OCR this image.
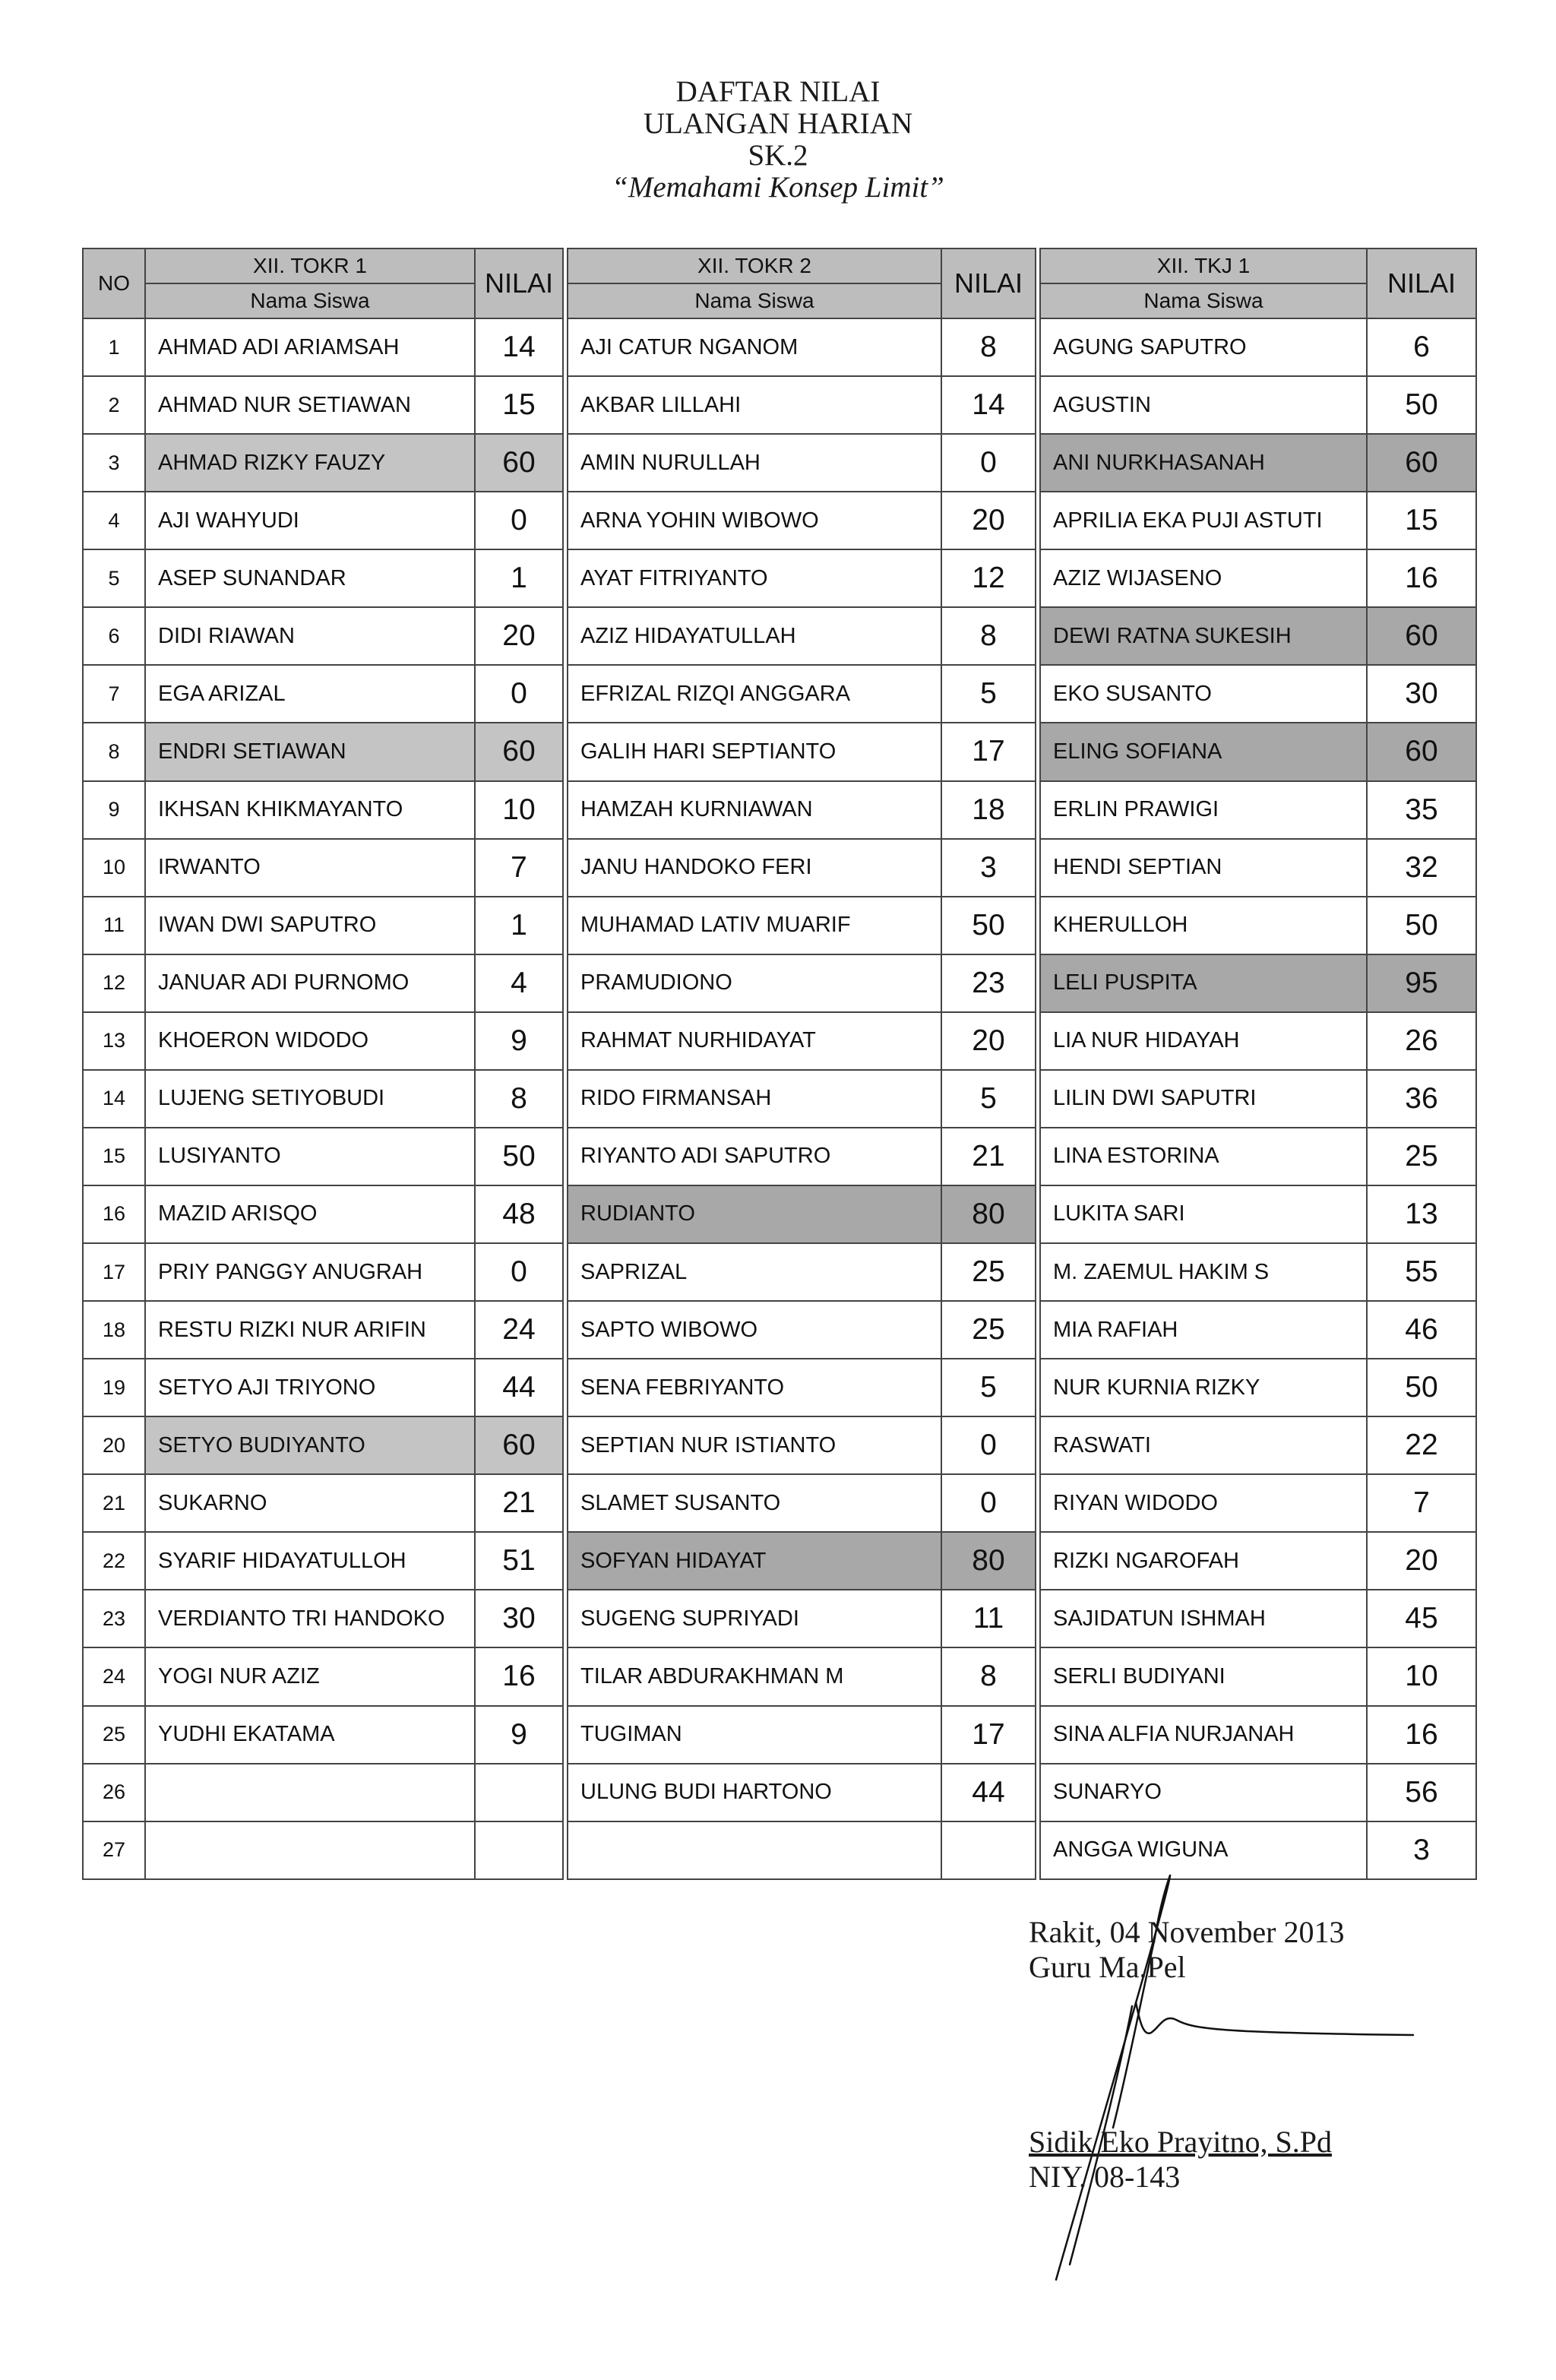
DAFTAR NILAI
ULANGAN HARIAN
SK.2
“Memahami Konsep Limit”
NO	XII. TOKR 1	NILAI		XII. TOKR 2	NILAI		XII. TKJ 1	NILAI
	Nama Siswa			Nama Siswa			Nama Siswa	
1	AHMAD ADI ARIAMSAH	14		AJI CATUR NGANOM	8		AGUNG SAPUTRO	6
2	AHMAD NUR SETIAWAN	15		AKBAR LILLAHI	14		AGUSTIN	50
3	AHMAD RIZKY FAUZY	60		AMIN NURULLAH	0		ANI NURKHASANAH	60
4	AJI WAHYUDI	0		ARNA YOHIN WIBOWO	20		APRILIA EKA PUJI ASTUTI	15
5	ASEP SUNANDAR	1		AYAT FITRIYANTO	12		AZIZ WIJASENO	16
6	DIDI RIAWAN	20		AZIZ HIDAYATULLAH	8		DEWI RATNA SUKESIH	60
7	EGA ARIZAL	0		EFRIZAL RIZQI ANGGARA	5		EKO SUSANTO	30
8	ENDRI SETIAWAN	60		GALIH HARI SEPTIANTO	17		ELING SOFIANA	60
9	IKHSAN KHIKMAYANTO	10		HAMZAH KURNIAWAN	18		ERLIN PRAWIGI	35
10	IRWANTO	7		JANU HANDOKO FERI	3		HENDI SEPTIAN	32
11	IWAN DWI SAPUTRO	1		MUHAMAD LATIV MUARIF	50		KHERULLOH	50
12	JANUAR ADI PURNOMO	4		PRAMUDIONO	23		LELI PUSPITA	95
13	KHOERON WIDODO	9		RAHMAT NURHIDAYAT	20		LIA NUR HIDAYAH	26
14	LUJENG SETIYOBUDI	8		RIDO FIRMANSAH	5		LILIN DWI SAPUTRI	36
15	LUSIYANTO	50		RIYANTO ADI SAPUTRO	21		LINA ESTORINA	25
16	MAZID ARISQO	48		RUDIANTO	80		LUKITA SARI	13
17	PRIY PANGGY ANUGRAH	0		SAPRIZAL	25		M. ZAEMUL HAKIM S	55
18	RESTU RIZKI NUR ARIFIN	24		SAPTO WIBOWO	25		MIA RAFIAH	46
19	SETYO AJI TRIYONO	44		SENA FEBRIYANTO	5		NUR KURNIA RIZKY	50
20	SETYO BUDIYANTO	60		SEPTIAN NUR ISTIANTO	0		RASWATI	22
21	SUKARNO	21		SLAMET SUSANTO	0		RIYAN WIDODO	7
22	SYARIF HIDAYATULLOH	51		SOFYAN HIDAYAT	80		RIZKI NGAROFAH	20
23	VERDIANTO TRI HANDOKO	30		SUGENG SUPRIYADI	11		SAJIDATUN ISHMAH	45
24	YOGI NUR AZIZ	16		TILAR ABDURAKHMAN M	8		SERLI BUDIYANI	10
25	YUDHI EKATAMA	9		TUGIMAN	17		SINA ALFIA NURJANAH	16
26				ULUNG BUDI HARTONO	44		SUNARYO	56
27							ANGGA WIGUNA	3
Rakit, 04 November 2013
Guru Ma.Pel
Sidik Eko Prayitno, S.Pd
NIY. 08-143
